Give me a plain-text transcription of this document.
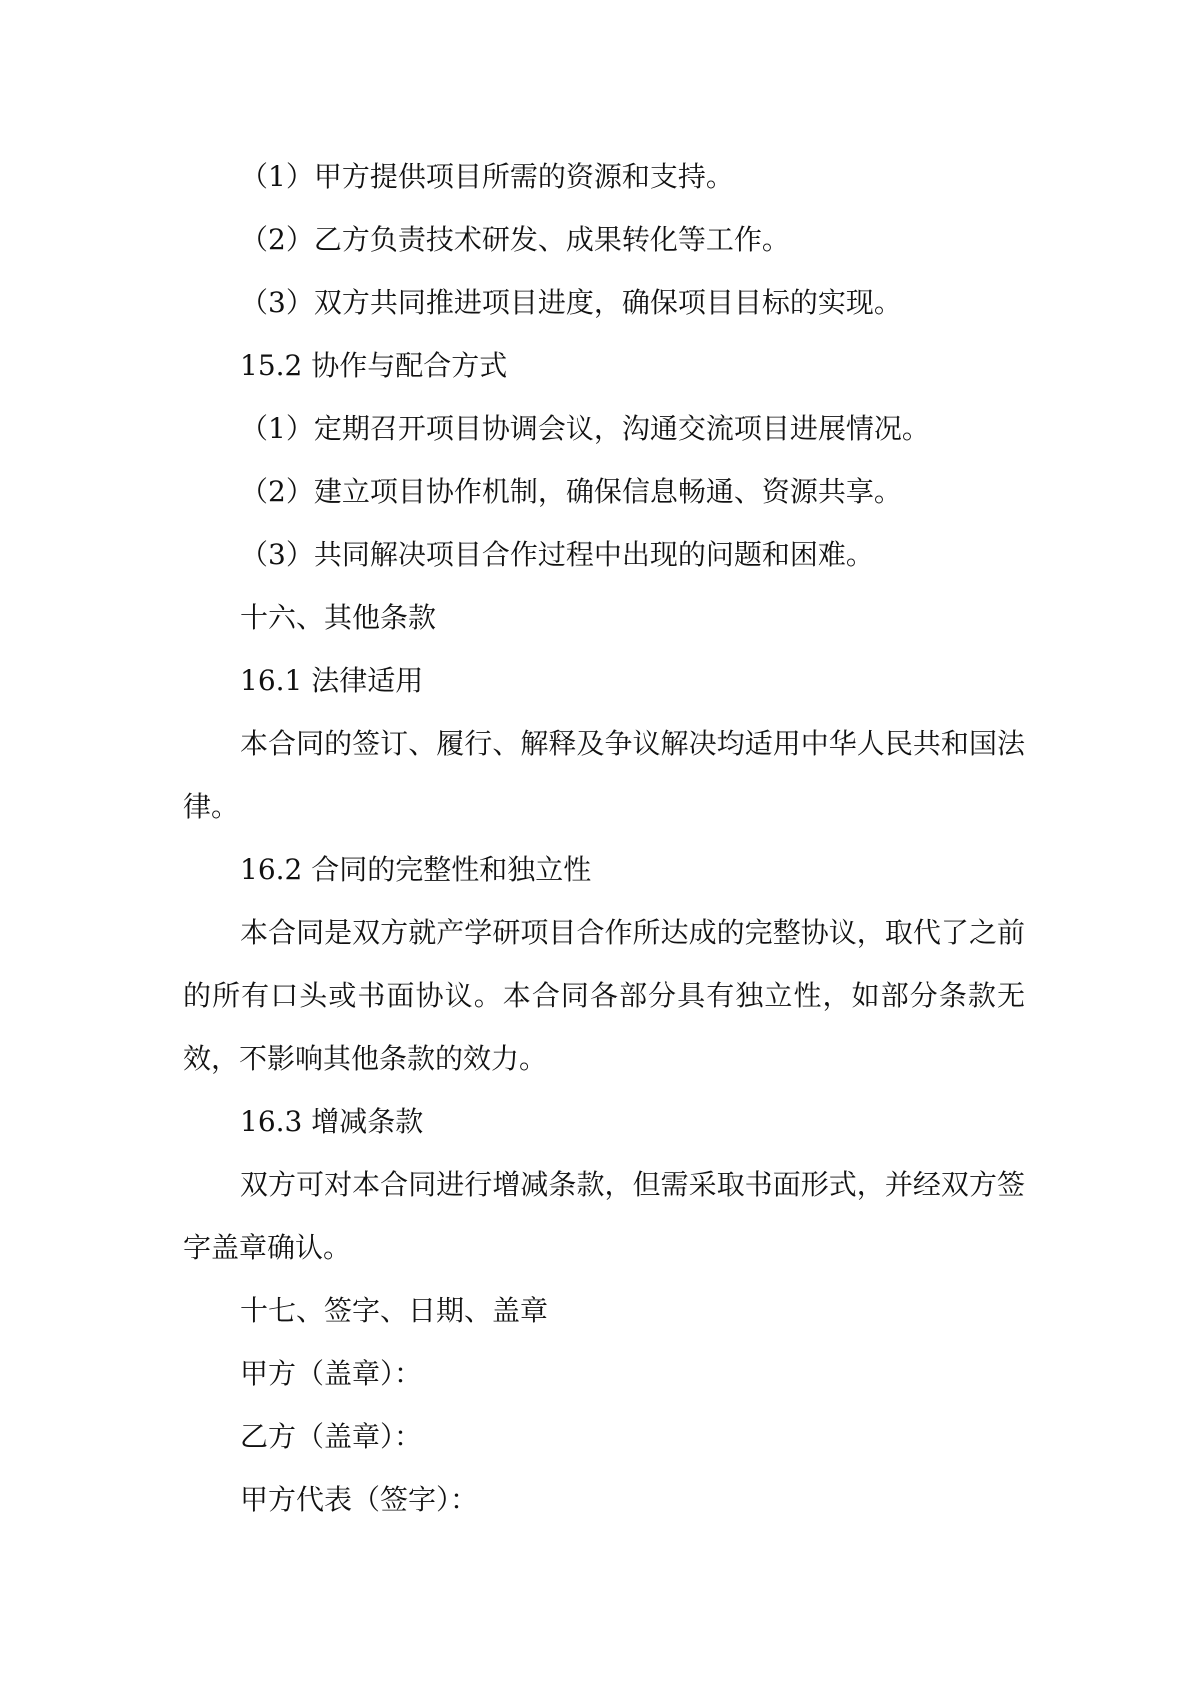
（1）甲方提供项目所需的资源和支持。
（2）乙方负责技术研发、成果转化等工作。
（3）双方共同推进项目进度，确保项目目标的实现。
15.2 协作与配合方式
（1）定期召开项目协调会议，沟通交流项目进展情况。
（2）建立项目协作机制，确保信息畅通、资源共享。
（3）共同解决项目合作过程中出现的问题和困难。
十六、其他条款
16.1 法律适用

本合同的签订、履行、解释及争议解决均适用中华人民共和国法律。

16.2 合同的完整性和独立性

本合同是双方就产学研项目合作所达成的完整协议，取代了之前的所有口头或书面协议。本合同各部分具有独立性，如部分条款无效，不影响其他条款的效力。

16.3 增减条款

双方可对本合同进行增减条款，但需采取书面形式，并经双方签字盖章确认。

十七、签字、日期、盖章
甲方（盖章）：
乙方（盖章）：
甲方代表（签字）：
